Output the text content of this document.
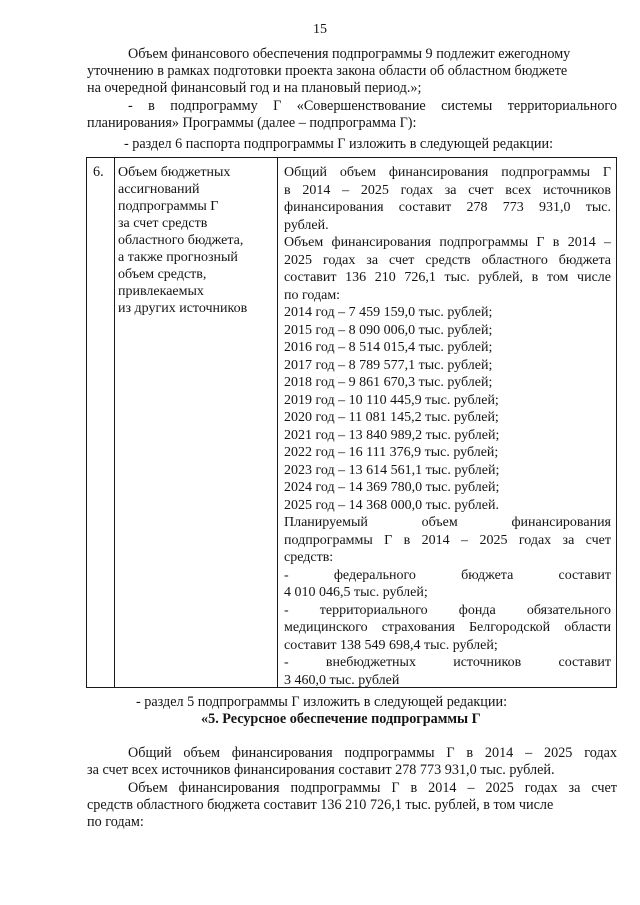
15
Объем финансового обеспечения подпрограммы 9 подлежит ежегодному
уточнению в рамках подготовки проекта закона области об областном бюджете
на очередной финансовый год и на плановый период.»;
- в подпрограмму Г «Совершенствование системы территориального
планирования» Программы (далее – подпрограмма Г):
- раздел 6 паспорта подпрограммы Г изложить в следующей редакции:
6. Объем бюджетных
ассигнований
подпрограммы Г
за счет средств
областного бюджета,
а также прогнозный
объем средств,
привлекаемых
из других источников
Общий объем финансирования подпрограммы Г
в 2014 – 2025 годах за счет всех источников
финансирования составит 278 773 931,0 тыс.
рублей.
Объем финансирования подпрограммы Г в 2014 –
2025 годах за счет средств областного бюджета
составит 136 210 726,1 тыс. рублей, в том числе
по годам:
2014 год – 7 459 159,0 тыс. рублей;
2015 год – 8 090 006,0 тыс. рублей;
2016 год – 8 514 015,4 тыс. рублей;
2017 год – 8 789 577,1 тыс. рублей;
2018 год – 9 861 670,3 тыс. рублей;
2019 год – 10 110 445,9 тыс. рублей;
2020 год – 11 081 145,2 тыс. рублей;
2021 год – 13 840 989,2 тыс. рублей;
2022 год – 16 111 376,9 тыс. рублей;
2023 год – 13 614 561,1 тыс. рублей;
2024 год – 14 369 780,0 тыс. рублей;
2025 год – 14 368 000,0 тыс. рублей.
Планируемый объем финансирования
подпрограммы Г в 2014 – 2025 годах за счет
средств:
- федерального бюджета составит
4 010 046,5 тыс. рублей;
- территориального фонда обязательного
медицинского страхования Белгородской области
составит 138 549 698,4 тыс. рублей;
- внебюджетных источников составит
3 460,0 тыс. рублей
- раздел 5 подпрограммы Г изложить в следующей редакции:
«5. Ресурсное обеспечение подпрограммы Г
Общий объем финансирования подпрограммы Г в 2014 – 2025 годах
за счет всех источников финансирования составит 278 773 931,0 тыс. рублей.
Объем финансирования подпрограммы Г в 2014 – 2025 годах за счет
средств областного бюджета составит 136 210 726,1 тыс. рублей, в том числе
по годам:
